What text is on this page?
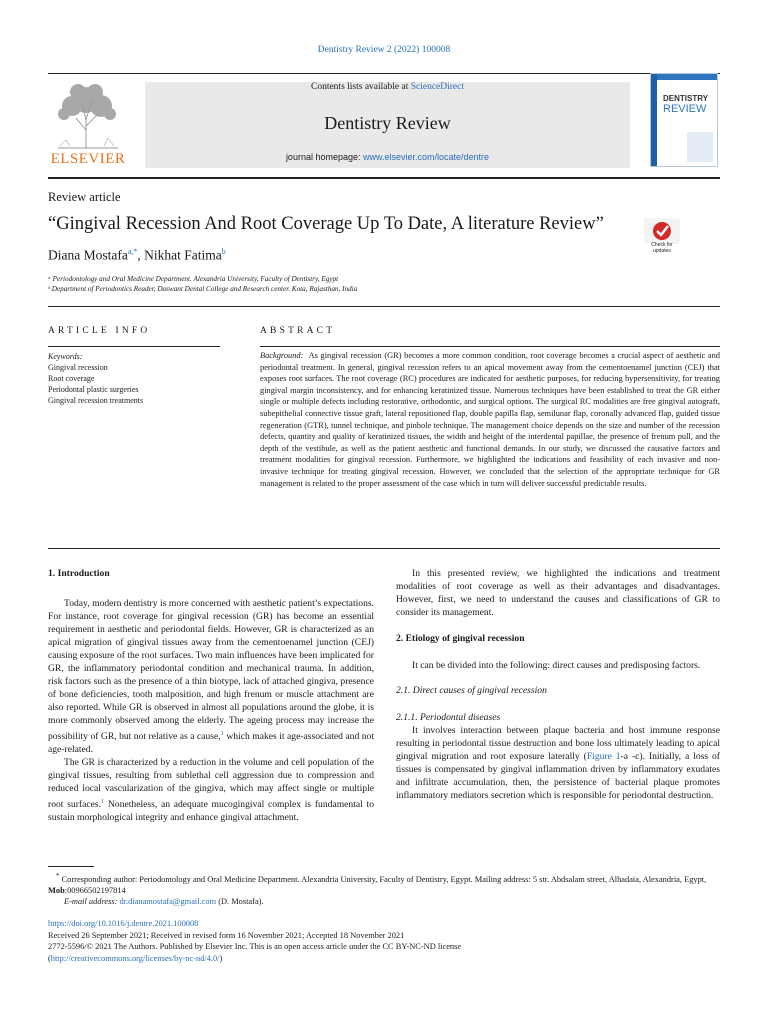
Dentistry Review 2 (2022) 100008
ELSEVIER
Contents lists available at ScienceDirect
Dentistry Review
journal homepage: www.elsevier.com/locate/dentre
DENTISTRY
REVIEW
Review article
“Gingival Recession And Root Coverage Up To Date, A literature Review”
Check for
updates
Diana Mostafa$^{a,*}$, Nikhat Fatima$^b$
ᵃ Periodontology and Oral Medicine Department. Alexandria University, Faculty of Dentistry, Egypt
ᵇ Department of Periodontics Reader, Daswant Dental College and Research center. Kota, Rajasthan, India
ARTICLE INFO	ABSTRACT
Keywords:
Gingival recession
Root coverage
Periodontal plastic surgeries
Gingival recession treatments
Background: As gingival recession (GR) becomes a more common condition, root coverage becomes a crucial aspect of aesthetic and periodontal treatment. In general, gingival recession refers to an apical movement away from the cementoenamel junction (CEJ) that exposes root surfaces. The root coverage (RC) procedures are indicated for aesthetic purposes, for reducing hypersensitivity, for treating gingival margin inconsistency, and for enhancing keratinized tissue. Numerous techniques have been established to treat the GR either single or multiple defects including restorative, orthodontic, and surgical options. The surgical RC modalities are free gingival autograft, subepithelial connective tissue graft, lateral repositioned flap, double papilla flap, semilunar flap, coronally advanced flap, guided tissue regeneration (GTR), tunnel technique, and pinhole technique. The management choice depends on the size and number of the recession defects, quantity and quality of keratinized tissues, the width and height of the interdental papillae, the presence of frenum pull, and the depth of the vestibule, as well as the patient aesthetic and functional demands. In our study, we discussed the causative factors and treatment modalities for gingival recession. Furthermore, we highlighted the indications and feasibility of each invasive and non-invasive technique for treating gingival recession. However, we concluded that the selection of the appropriate technique for GR management is related to the proper assessment of the case which in turn will deliver successful predictable results.
1. Introduction

Today, modern dentistry is more concerned with aesthetic patient’s expectations. For instance, root coverage for gingival recession (GR) has become an essential requirement in aesthetic and periodontal fields. However, GR is characterized as an apical migration of gingival tissues away from the cementoenamel junction (CEJ) causing exposure of the root surfaces. Two main influences have been implicated for GR, the inflammatory periodontal condition and mechanical trauma. In addition, risk factors such as the presence of a thin biotype, lack of attached gingiva, presence of bone deficiencies, tooth malposition, and high frenum or muscle attachment are also reported. While GR is observed in almost all populations around the globe, it is more commonly observed among the elderly. The ageing process may increase the possibility of GR, but not relative as a cause,$^1$ which makes it age-associated and not age-related.

The GR is characterized by a reduction in the volume and cell population of the gingival tissues, resulting from sublethal cell aggression due to compression and reduced local vascularization of the gingiva, which may affect single or multiple root surfaces.$^1$ Nonetheless, an adequate mucogingival complex is fundamental to sustain morphological integrity and enhance gingival attachment.

In this presented review, we highlighted the indications and treatment modalities of root coverage as well as their advantages and disadvantages. However, first, we need to understand the causes and classifications of GR to consider its management.

2. Etiology of gingival recession

It can be divided into the following: direct causes and predisposing factors.

2.1. Direct causes of gingival recession
2.1.1. Periodontal diseases

It involves interaction between plaque bacteria and host immune response resulting in periodontal tissue destruction and bone loss ultimately leading to apical gingival migration and root exposure laterally (Figure 1-a -c). Initially, a loss of tissues is compensated by gingival inflammation driven by inflammatory exudates and infiltrate accumulation, then, the persistence of bacterial plaque promotes inflammatory mediators secretion which is responsible for periodontal destruction.

* Corresponding author: Periodontology and Oral Medicine Department. Alexandria University, Faculty of Dentistry, Egypt. Mailing address: 5 str. Abdsalam street, Alhadaia, Alexandria, Egypt, Mob:00966502197814
E-mail address: dr.dianamostafa@gmail.com (D. Mostafa).
https://doi.org/10.1016/j.dentre.2021.100008
Received 26 September 2021; Received in revised form 16 November 2021; Accepted 18 November 2021
2772-5596/© 2021 The Authors. Published by Elsevier Inc. This is an open access article under the CC BY-NC-ND license
(http://creativecommons.org/licenses/by-nc-nd/4.0/)
